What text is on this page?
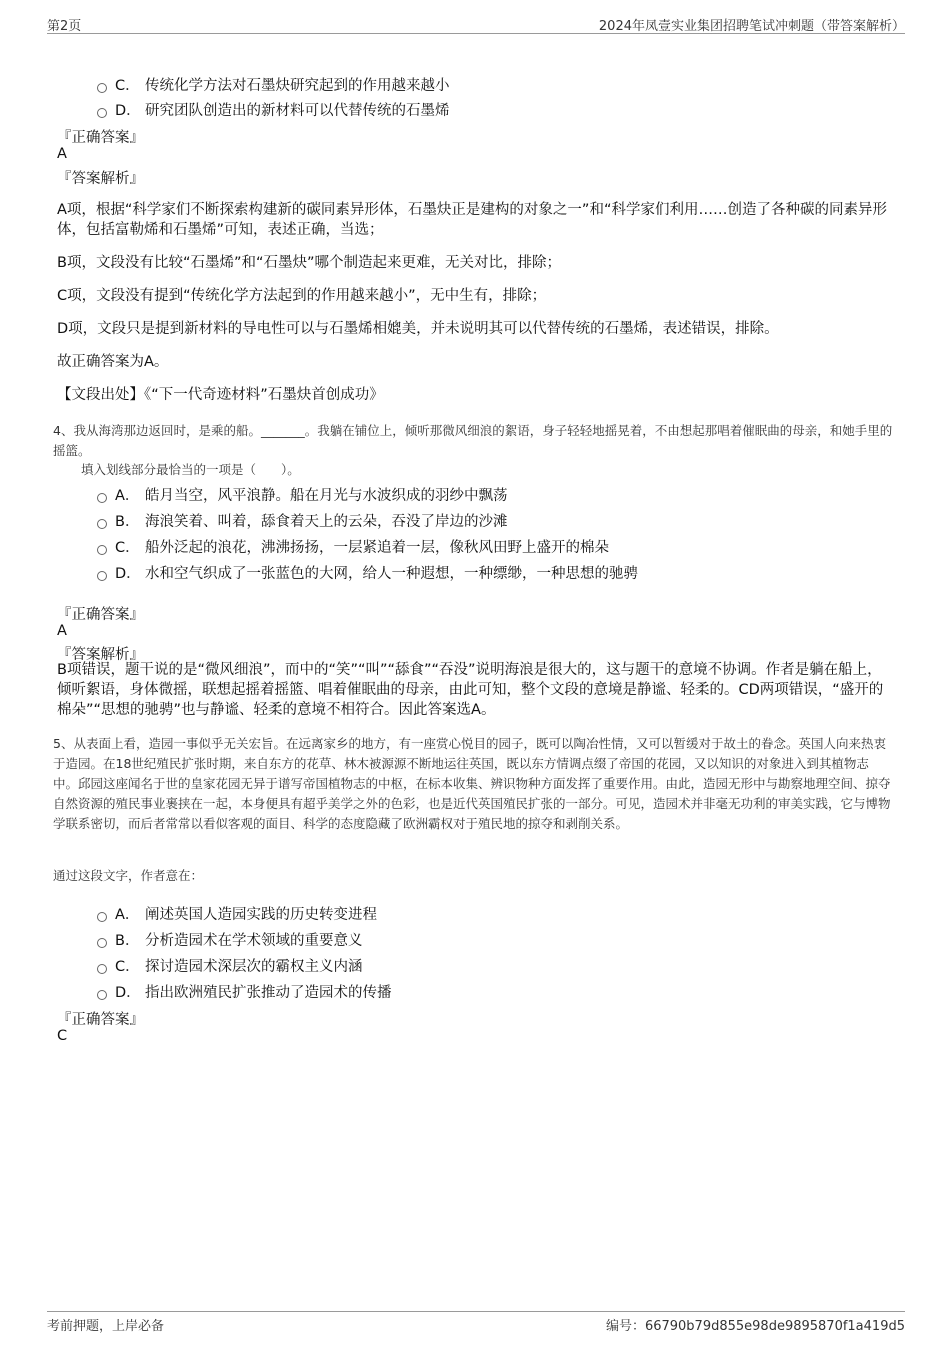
第2页	2024年凤壹实业集团招聘笔试冲刺题（带答案解析）
C． 传统化学方法对石墨炔研究起到的作用越来越小
D． 研究团队创造出的新材料可以代替传统的石墨烯
『正确答案』
A
『答案解析』
A项，根据“科学家们不断探索构建新的碳同素异形体，石墨炔正是建构的对象之一”和“科学家们利用……创造了各种碳的同素异形体，包括富勒烯和石墨烯”可知，表述正确，当选；
B项，文段没有比较“石墨烯”和“石墨炔”哪个制造起来更难，无关对比，排除；
C项，文段没有提到“传统化学方法起到的作用越来越小”，无中生有，排除；
D项，文段只是提到新材料的导电性可以与石墨烯相媲美，并未说明其可以代替传统的石墨烯，表述错误，排除。
故正确答案为A。
【文段出处】《“下一代奇迹材料”石墨炔首创成功》
4、我从海湾那边返回时，是乘的船。_______。我躺在铺位上，倾听那微风细浪的絮语，身子轻轻地摇晃着，不由想起那唱着催眠曲的母亲，和她手里的摇篮。
填入划线部分最恰当的一项是（　　）。
A． 皓月当空，风平浪静。船在月光与水波织成的羽纱中飘荡
B． 海浪笑着、叫着，舔食着天上的云朵，吞没了岸边的沙滩
C． 船外泛起的浪花，沸沸扬扬，一层紧追着一层，像秋风田野上盛开的棉朵
D． 水和空气织成了一张蓝色的大网，给人一种遐想，一种缥缈，一种思想的驰骋
『正确答案』
A
『答案解析』
B项错误，题干说的是“微风细浪”，而中的“笑”“叫”“舔食”“吞没”说明海浪是很大的，这与题干的意境不协调。作者是躺在船上，倾听絮语，身体微摇，联想起摇着摇篮、唱着催眠曲的母亲，由此可知，整个文段的意境是静谧、轻柔的。CD两项错误，“盛开的棉朵”“思想的驰骋”也与静谧、轻柔的意境不相符合。因此答案选A。
5、从表面上看，造园一事似乎无关宏旨。在远离家乡的地方，有一座赏心悦目的园子，既可以陶冶性情，又可以暂缓对于故土的眷念。英国人向来热衷于造园。在18世纪殖民扩张时期，来自东方的花草、林木被源源不断地运往英国，既以东方情调点缀了帝国的花园，又以知识的对象进入到其植物志中。邱园这座闻名于世的皇家花园无异于谱写帝国植物志的中枢，在标本收集、辨识物种方面发挥了重要作用。由此，造园无形中与勘察地理空间、掠夺自然资源的殖民事业裹挟在一起，本身便具有超乎美学之外的色彩，也是近代英国殖民扩张的一部分。可见，造园术并非毫无功利的审美实践，它与博物学联系密切，而后者常常以看似客观的面目、科学的态度隐藏了欧洲霸权对于殖民地的掠夺和剥削关系。
通过这段文字，作者意在：
A． 阐述英国人造园实践的历史转变进程
B． 分析造园术在学术领域的重要意义
C． 探讨造园术深层次的霸权主义内涵
D． 指出欧洲殖民扩张推动了造园术的传播
『正确答案』
C
考前押题，上岸必备	编号：66790b79d855e98de9895870f1a419d5
